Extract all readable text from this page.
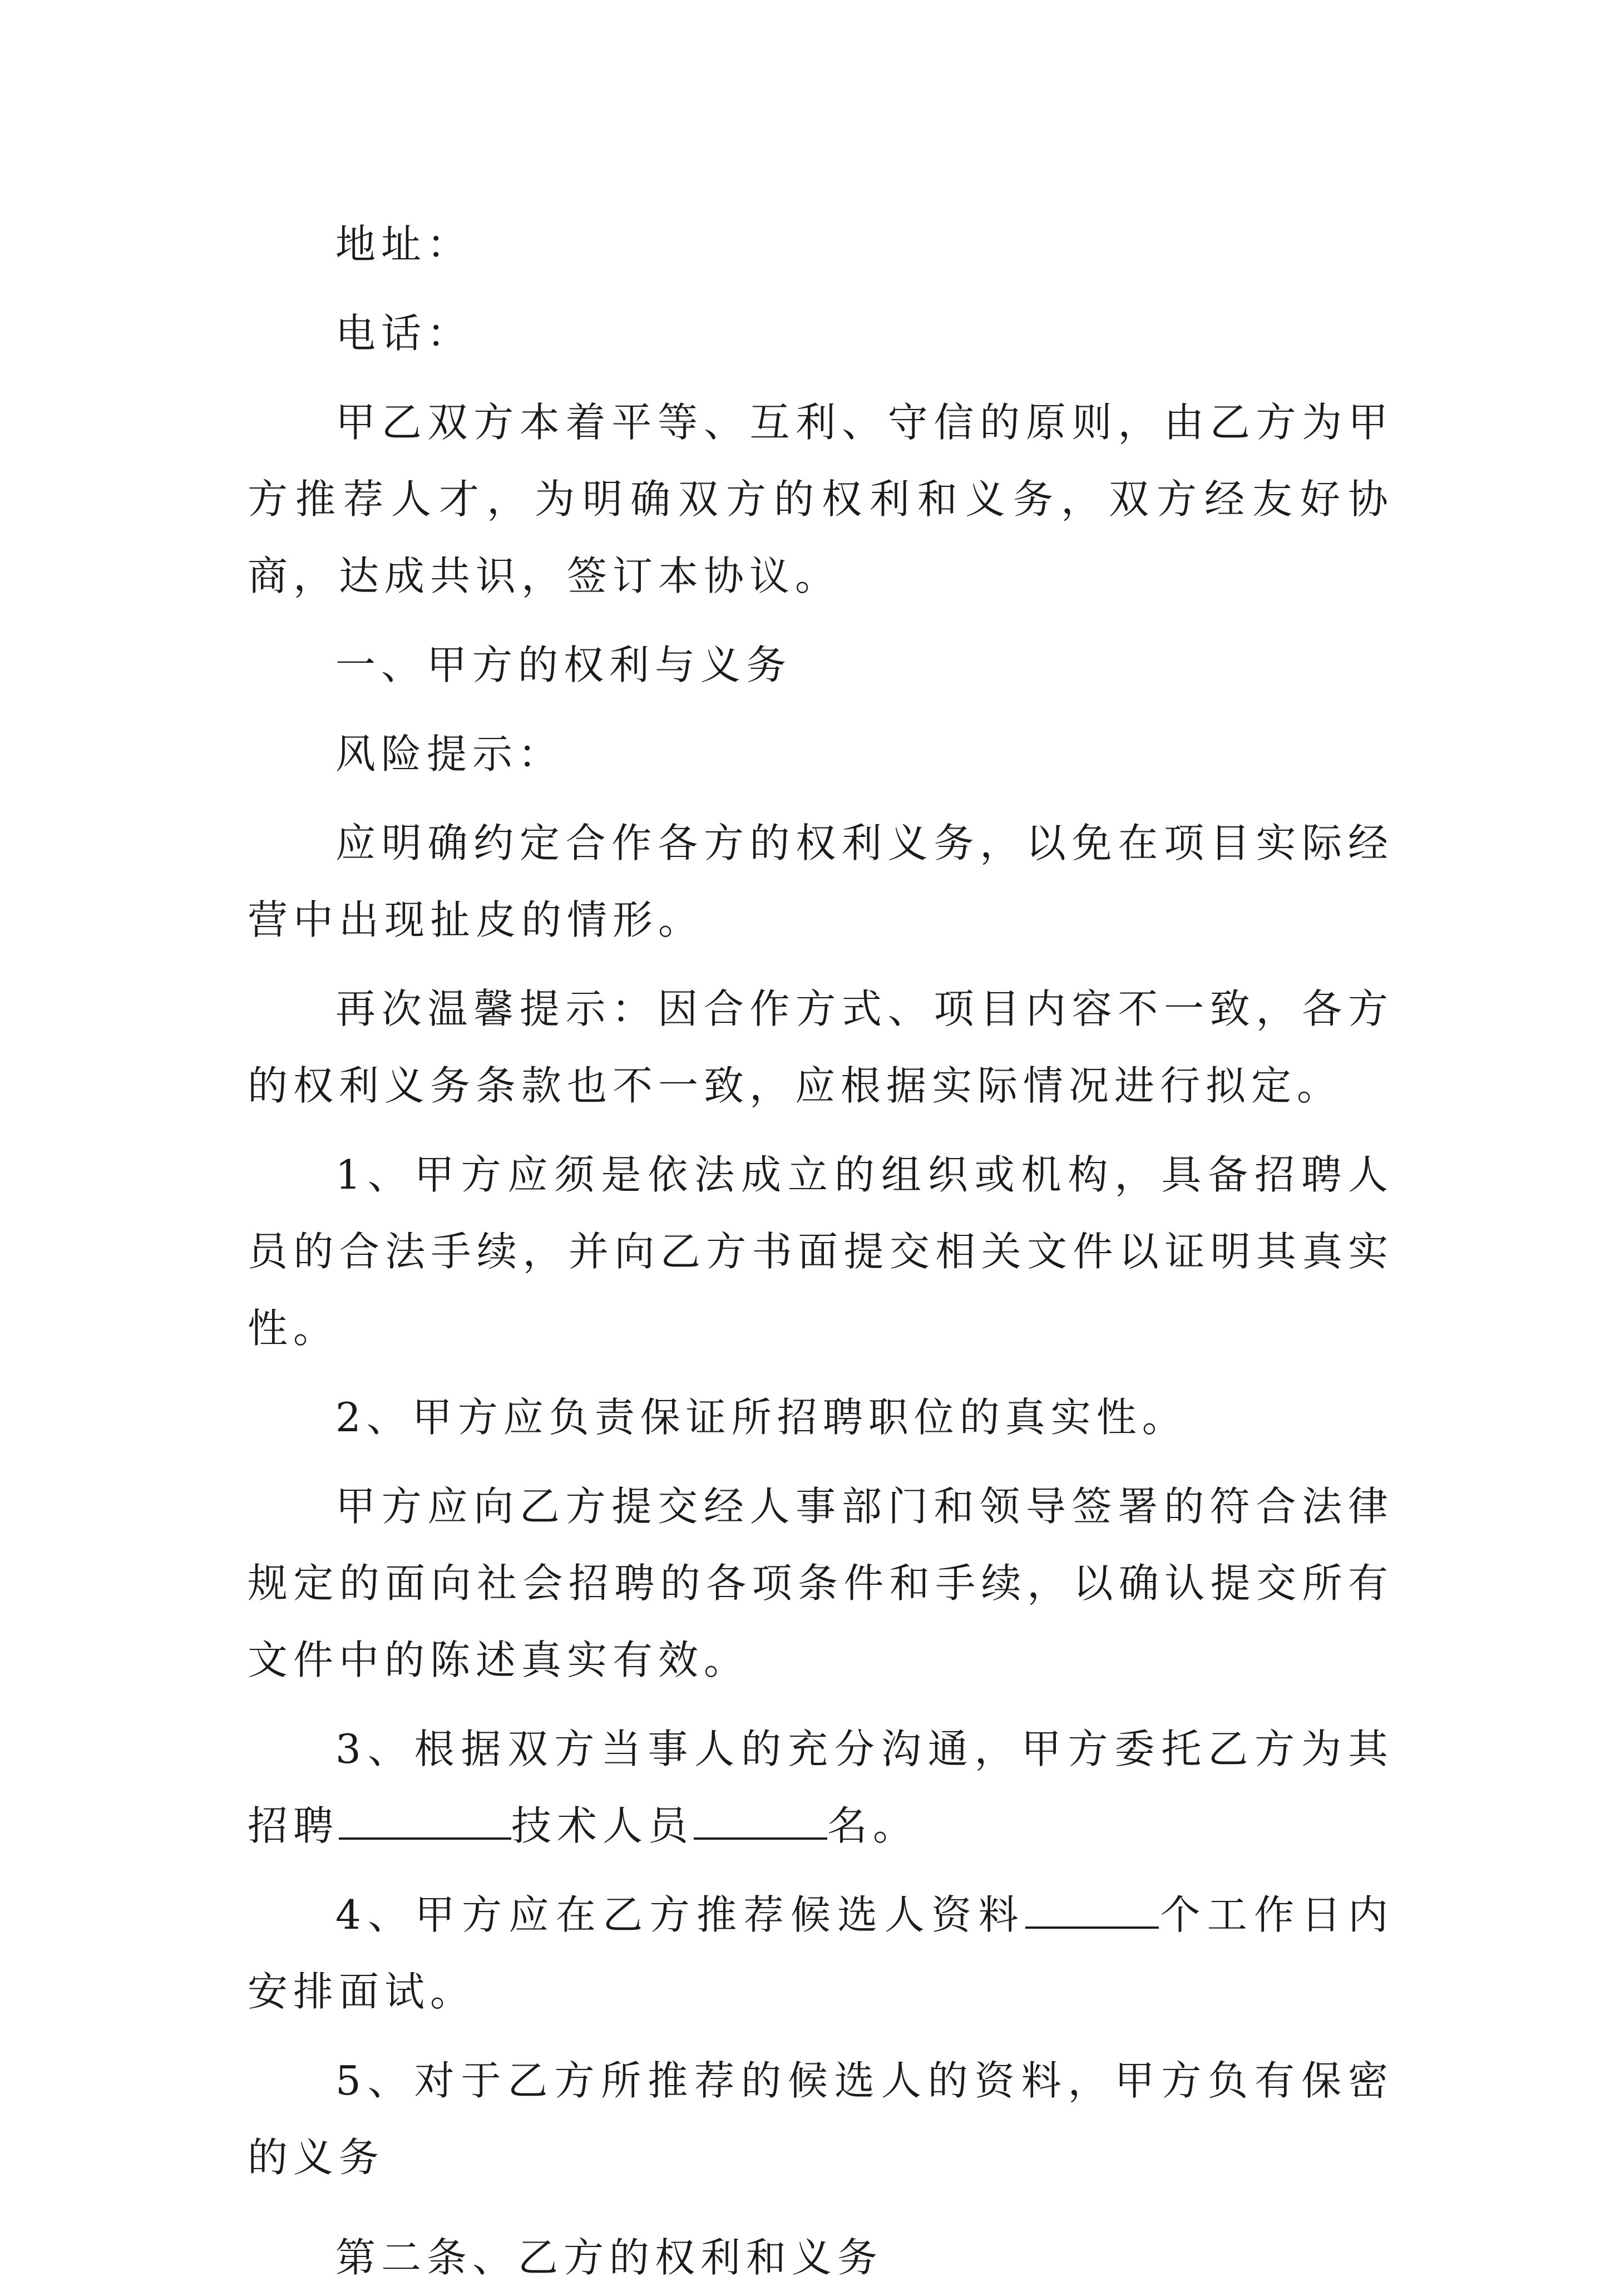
地址：

电话：

甲乙双方本着平等、互利、守信的原则，由乙方为甲方推荐人才，为明确双方的权利和义务，双方经友好协商，达成共识，签订本协议。

一、甲方的权利与义务

风险提示：

应明确约定合作各方的权利义务，以免在项目实际经营中出现扯皮的情形。

再次温馨提示：因合作方式、项目内容不一致，各方的权利义务条款也不一致，应根据实际情况进行拟定。

1、甲方应须是依法成立的组织或机构，具备招聘人员的合法手续，并向乙方书面提交相关文件以证明其真实性。

2、甲方应负责保证所招聘职位的真实性。

甲方应向乙方提交经人事部门和领导签署的符合法律规定的面向社会招聘的各项条件和手续，以确认提交所有文件中的陈述真实有效。

3、根据双方当事人的充分沟通，甲方委托乙方为其招聘	技术人员	名。

4、甲方应在乙方推荐候选人资料	个工作日内安排面试。

5、对于乙方所推荐的候选人的资料，甲方负有保密的义务

第二条、乙方的权利和义务
